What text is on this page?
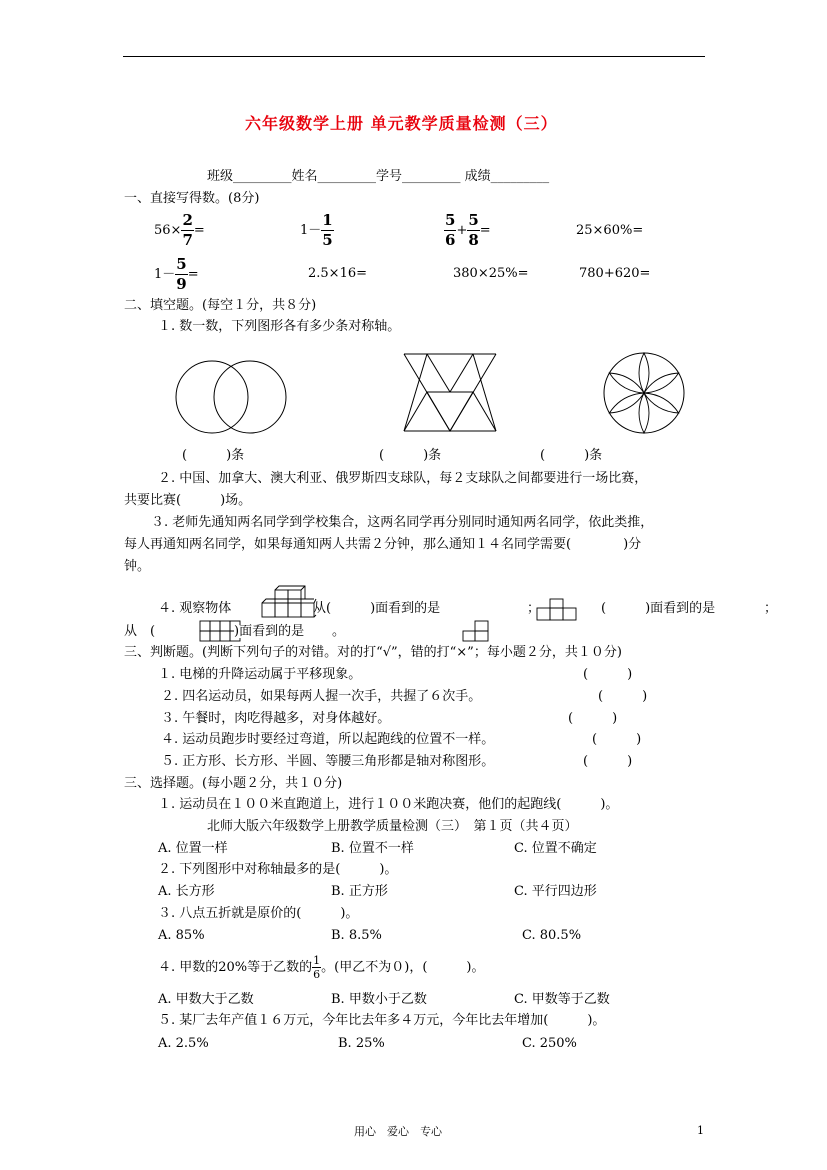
六年级数学上册 单元教学质量检测（三）
班级_________姓名_________学号_________ 成绩_________
一、直接写得数。(8分)
$56\times \frac{2}{7}$ =	$1- \frac{1}{5}$	$\frac{5}{6} + \frac{5}{8}$ =	25×60%=
$1- \frac{5}{9}$ =	2.5×16=	380×25%=	780+620=
二、填空题。(每空１分，共８分)
１. 数一数，下列图形各有多少条对称轴。
(　　　)条	(　　　)条	(　　　)条
２. 中国、加拿大、澳大利亚、俄罗斯四支球队，每２支球队之间都要进行一场比赛，
共要比赛(　　　)场。
３. 老师先通知两名同学到学校集合，这两名同学再分别同时通知两名同学，依此类推，
每人再通知两名同学，如果每通知两人共需２分钟，那么通知１４名同学需要(　　　　)分
钟。
４. 观察物体	从(　　　)面看到的是	；	(　　　)面看到的是	；
从　(	)面看到的是 。
三、判断题。(判断下列句子的对错。对的打“√”，错的打“×”；每小题２分，共１０分)
１. 电梯的升降运动属于平移现象。	(　　　)
２. 四名运动员，如果每两人握一次手，共握了６次手。	(　　　)
３. 午餐时，肉吃得越多，对身体越好。	(　　　)
４. 运动员跑步时要经过弯道，所以起跑线的位置不一样。	(　　　)
５. 正方形、长方形、半圆、等腰三角形都是轴对称图形。	(　　　)
三、选择题。(每小题２分，共１０分)
１. 运动员在１００米直跑道上，进行１００米跑决赛，他们的起跑线(　　　)。
北师大版六年级数学上册教学质量检测（三）　第１页（共４页）
A. 位置一样	B. 位置不一样	C. 位置不确定
２. 下列图形中对称轴最多的是(　　　)。
A. 长方形	B. 正方形	C. 平行四边形
３. 八点五折就是原价的(　　　)。
A. 85%	B. 8.5%	C. 80.5%
４. 甲数的20%等于乙数的 $\frac{1}{6}$ 。(甲乙不为０)，(　　　)。
A. 甲数大于乙数	B. 甲数小于乙数	C. 甲数等于乙数
５. 某厂去年产值１６万元，今年比去年多４万元，今年比去年增加(　　　)。
A. 2.5%	B. 25%	C. 250%
用心　爱心　专心	1
